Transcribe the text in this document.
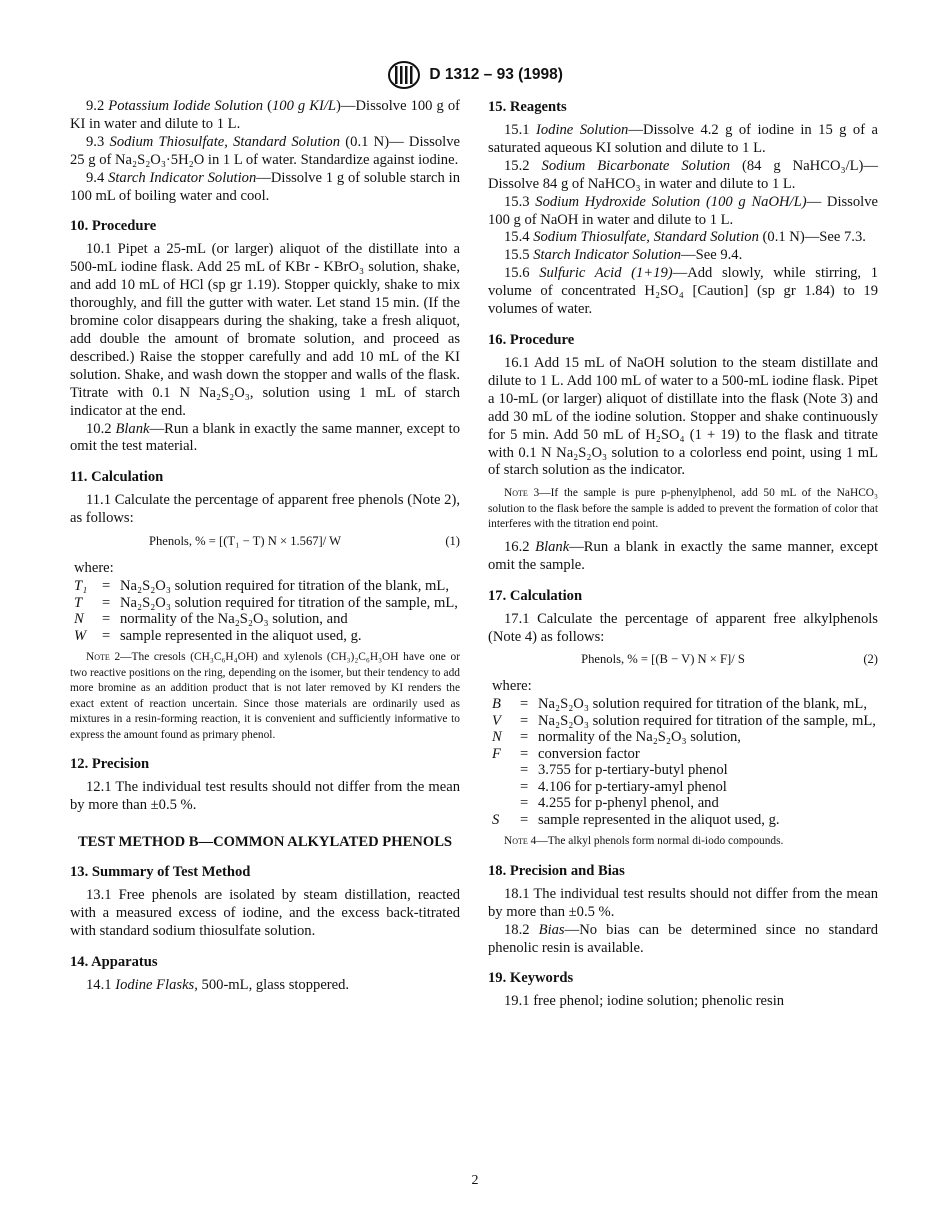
D 1312 – 93 (1998)

9.2 Potassium Iodide Solution (100 g KI/L)—Dissolve 100 g of KI in water and dilute to 1 L.

9.3 Sodium Thiosulfate, Standard Solution (0.1 N)— Dissolve 25 g of Na₂S₂O₃·5H₂O in 1 L of water. Standardize against iodine.

9.4 Starch Indicator Solution—Dissolve 1 g of soluble starch in 100 mL of boiling water and cool.

10. Procedure

10.1 Pipet a 25-mL (or larger) aliquot of the distillate into a 500-mL iodine flask. Add 25 mL of KBr - KBrO₃ solution, shake, and add 10 mL of HCl (sp gr 1.19). Stopper quickly, shake to mix thoroughly, and fill the gutter with water. Let stand 15 min. (If the bromine color disappears during the shaking, take a fresh aliquot, add double the amount of bromate solution, and proceed as described.) Raise the stopper carefully and add 10 mL of the KI solution. Shake, and wash down the stopper and walls of the flask. Titrate with 0.1 N Na₂S₂O₃, solution using 1 mL of starch indicator at the end.

10.2 Blank—Run a blank in exactly the same manner, except to omit the test material.

11. Calculation

11.1 Calculate the percentage of apparent free phenols (Note 2), as follows:

Phenols, % = [(T₁ − T) N × 1.567]/ W	(1)
where:
T₁	=	Na₂S₂O₃ solution required for titration of the blank, mL,
T	=	Na₂S₂O₃ solution required for titration of the sample, mL,
N	=	normality of the Na₂S₂O₃ solution, and
W	=	sample represented in the aliquot used, g.

Note 2—The cresols (CH₃C₆H₄OH) and xylenols (CH₃)₂C₆H₃OH have one or two reactive positions on the ring, depending on the isomer, but their tendency to add more bromine as an addition product that is not later removed by KI renders the exact extent of reaction uncertain. Since those materials are ordinarily used as mixtures in a resin-forming reaction, it is convenient and sufficiently informative to express the amount found as primary phenol.

12. Precision

12.1 The individual test results should not differ from the mean by more than ±0.5 %.

TEST METHOD B—COMMON ALKYLATED PHENOLS
13. Summary of Test Method

13.1 Free phenols are isolated by steam distillation, reacted with a measured excess of iodine, and the excess back-titrated with standard sodium thiosulfate solution.

14. Apparatus

14.1 Iodine Flasks, 500-mL, glass stoppered.

15. Reagents

15.1 Iodine Solution—Dissolve 4.2 g of iodine in 15 g of a saturated aqueous KI solution and dilute to 1 L.

15.2 Sodium Bicarbonate Solution (84 g NaHCO₃/L)— Dissolve 84 g of NaHCO₃ in water and dilute to 1 L.

15.3 Sodium Hydroxide Solution (100 g NaOH/L)— Dissolve 100 g of NaOH in water and dilute to 1 L.

15.4 Sodium Thiosulfate, Standard Solution (0.1 N)—See 7.3.

15.5 Starch Indicator Solution—See 9.4.

15.6 Sulfuric Acid (1+19)—Add slowly, while stirring, 1 volume of concentrated H₂SO₄ [Caution] (sp gr 1.84) to 19 volumes of water.

16. Procedure

16.1 Add 15 mL of NaOH solution to the steam distillate and dilute to 1 L. Add 100 mL of water to a 500-mL iodine flask. Pipet a 10-mL (or larger) aliquot of distillate into the flask (Note 3) and add 30 mL of the iodine solution. Stopper and shake continuously for 5 min. Add 50 mL of H₂SO₄ (1 + 19) to the flask and titrate with 0.1 N Na₂S₂O₃ solution to a colorless end point, using 1 mL of starch solution as the indicator.

Note 3—If the sample is pure p-phenylphenol, add 50 mL of the NaHCO₃ solution to the flask before the sample is added to prevent the formation of color that interferes with the titration end point.

16.2 Blank—Run a blank in exactly the same manner, except omit the sample.

17. Calculation

17.1 Calculate the percentage of apparent free alkylphenols (Note 4) as follows:

Phenols, % = [(B − V) N × F]/ S	(2)
where:
B	=	Na₂S₂O₃ solution required for titration of the blank, mL,
V	=	Na₂S₂O₃ solution required for titration of the sample, mL,
N	=	normality of the Na₂S₂O₃ solution,
F	=	conversion factor
	=	3.755 for p-tertiary-butyl phenol
	=	4.106 for p-tertiary-amyl phenol
	=	4.255 for p-phenyl phenol, and
S	=	sample represented in the aliquot used, g.

Note 4—The alkyl phenols form normal di-iodo compounds.

18. Precision and Bias

18.1 The individual test results should not differ from the mean by more than ±0.5 %.

18.2 Bias—No bias can be determined since no standard phenolic resin is available.

19. Keywords

19.1 free phenol; iodine solution; phenolic resin

2
